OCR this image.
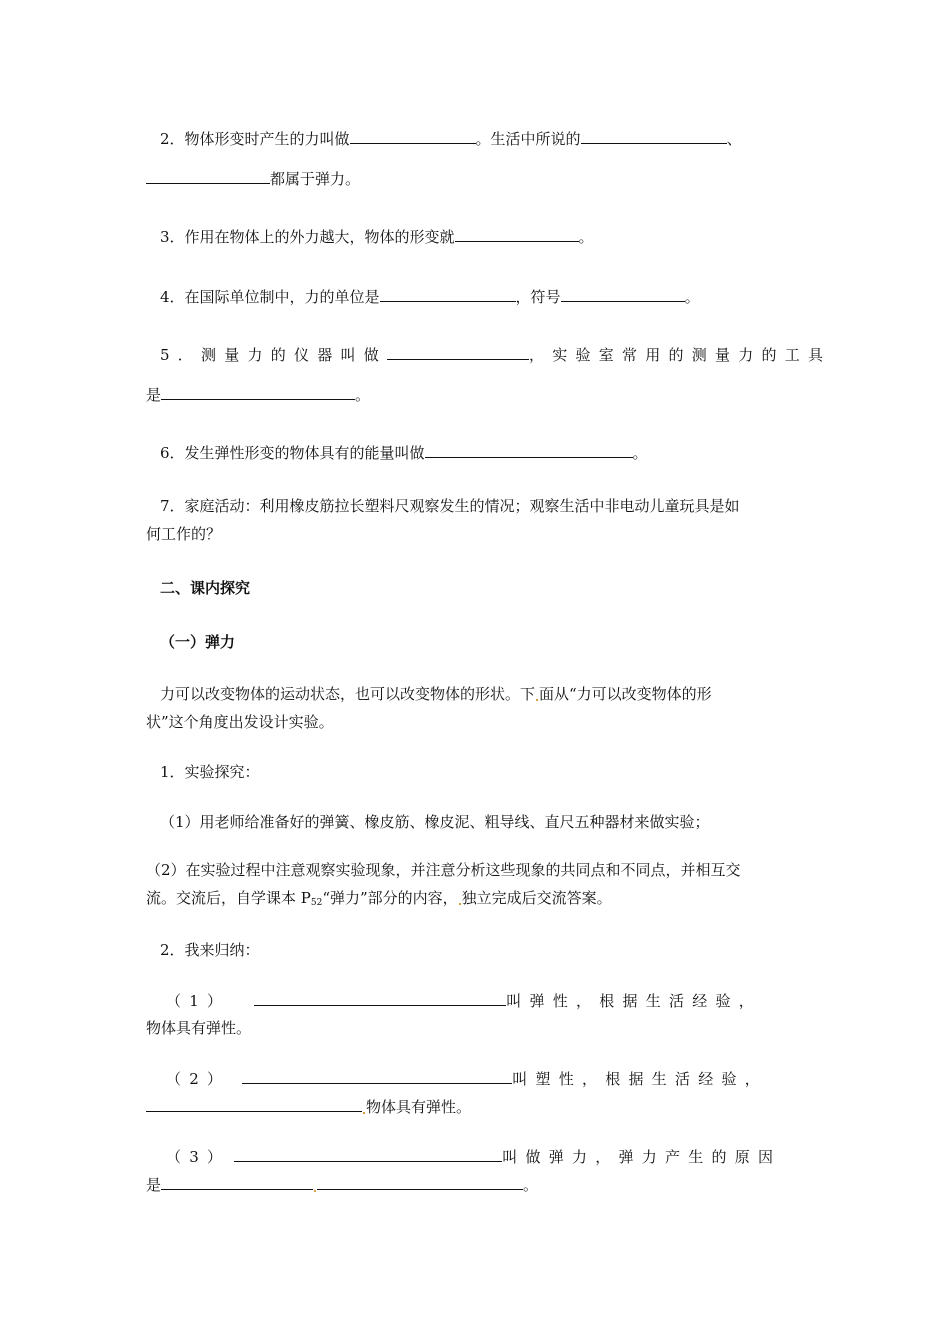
2．物体形变时产生的力叫做	。生活中所说的	、
都属于弹力。
3．作用在物体上的外力越大，物体的形变就	。
4．在国际单位制中，力的单位是	，符号	。
5．测量力的仪器叫做	，实验室常用的测量力的工具
是	。
6．发生弹性形变的物体具有的能量叫做	。
7．家庭活动：利用橡皮筋拉长塑料尺观察发生的情况；观察生活中非电动儿童玩具是如
何工作的？
二、课内探究
（一）弹力
力可以改变物体的运动状态，也可以改变物体的形状。下 面从“力可以改变物体的形
状”这个角度出发设计实验。
1．实验探究：
（1）用老师给准备好的弹簧、橡皮筋、橡皮泥、粗导线、直尺五种器材来做实验；
（2）在实验过程中注意观察实验现象，并注意分析这些现象的共同点和不同点，并相互交
流。交流后，自学课本 $P_{52}“$弹力”部分的内容， 独立完成后交流答案。
2．我来归纳：
（1）	叫弹性，根据生活经验，
物体具有弹性。
（2）	叫塑性，根据生活经验，
物体具有弹性。
（3）	叫做弹力，弹力产生的原因
是	。
